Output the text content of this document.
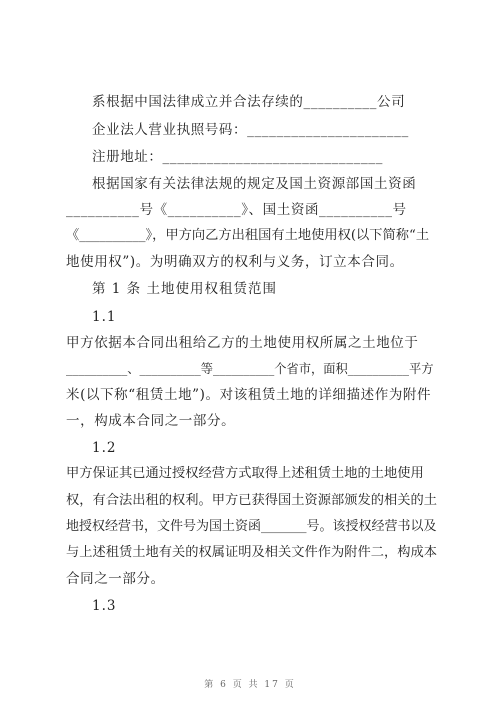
系根据中国法律成立并合法存续的__________公司
企业法人营业执照号码：______________________
注册地址：______________________________
根据国家有关法律法规的规定及国土资源部国土资函
__________号《__________》、国土资函__________号
《__________》，甲方向乙方出租国有土地使用权(以下简称“土
地使用权”)。为明确双方的权利与义务，订立本合同。
第 1 条 土地使用权租赁范围
1.1
甲方依据本合同出租给乙方的土地使用权所属之土地位于
__________、__________等__________个省市，面积__________平方
米(以下称“租赁土地”)。对该租赁土地的详细描述作为附件
一，构成本合同之一部分。
1.2
甲方保证其已通过授权经营方式取得上述租赁土地的土地使用
权，有合法出租的权利。甲方已获得国土资源部颁发的相关的土
地授权经营书，文件号为国土资函_______号。该授权经营书以及
与上述租赁土地有关的权属证明及相关文件作为附件二，构成本
合同之一部分。
1.3
第 6 页 共 17 页
